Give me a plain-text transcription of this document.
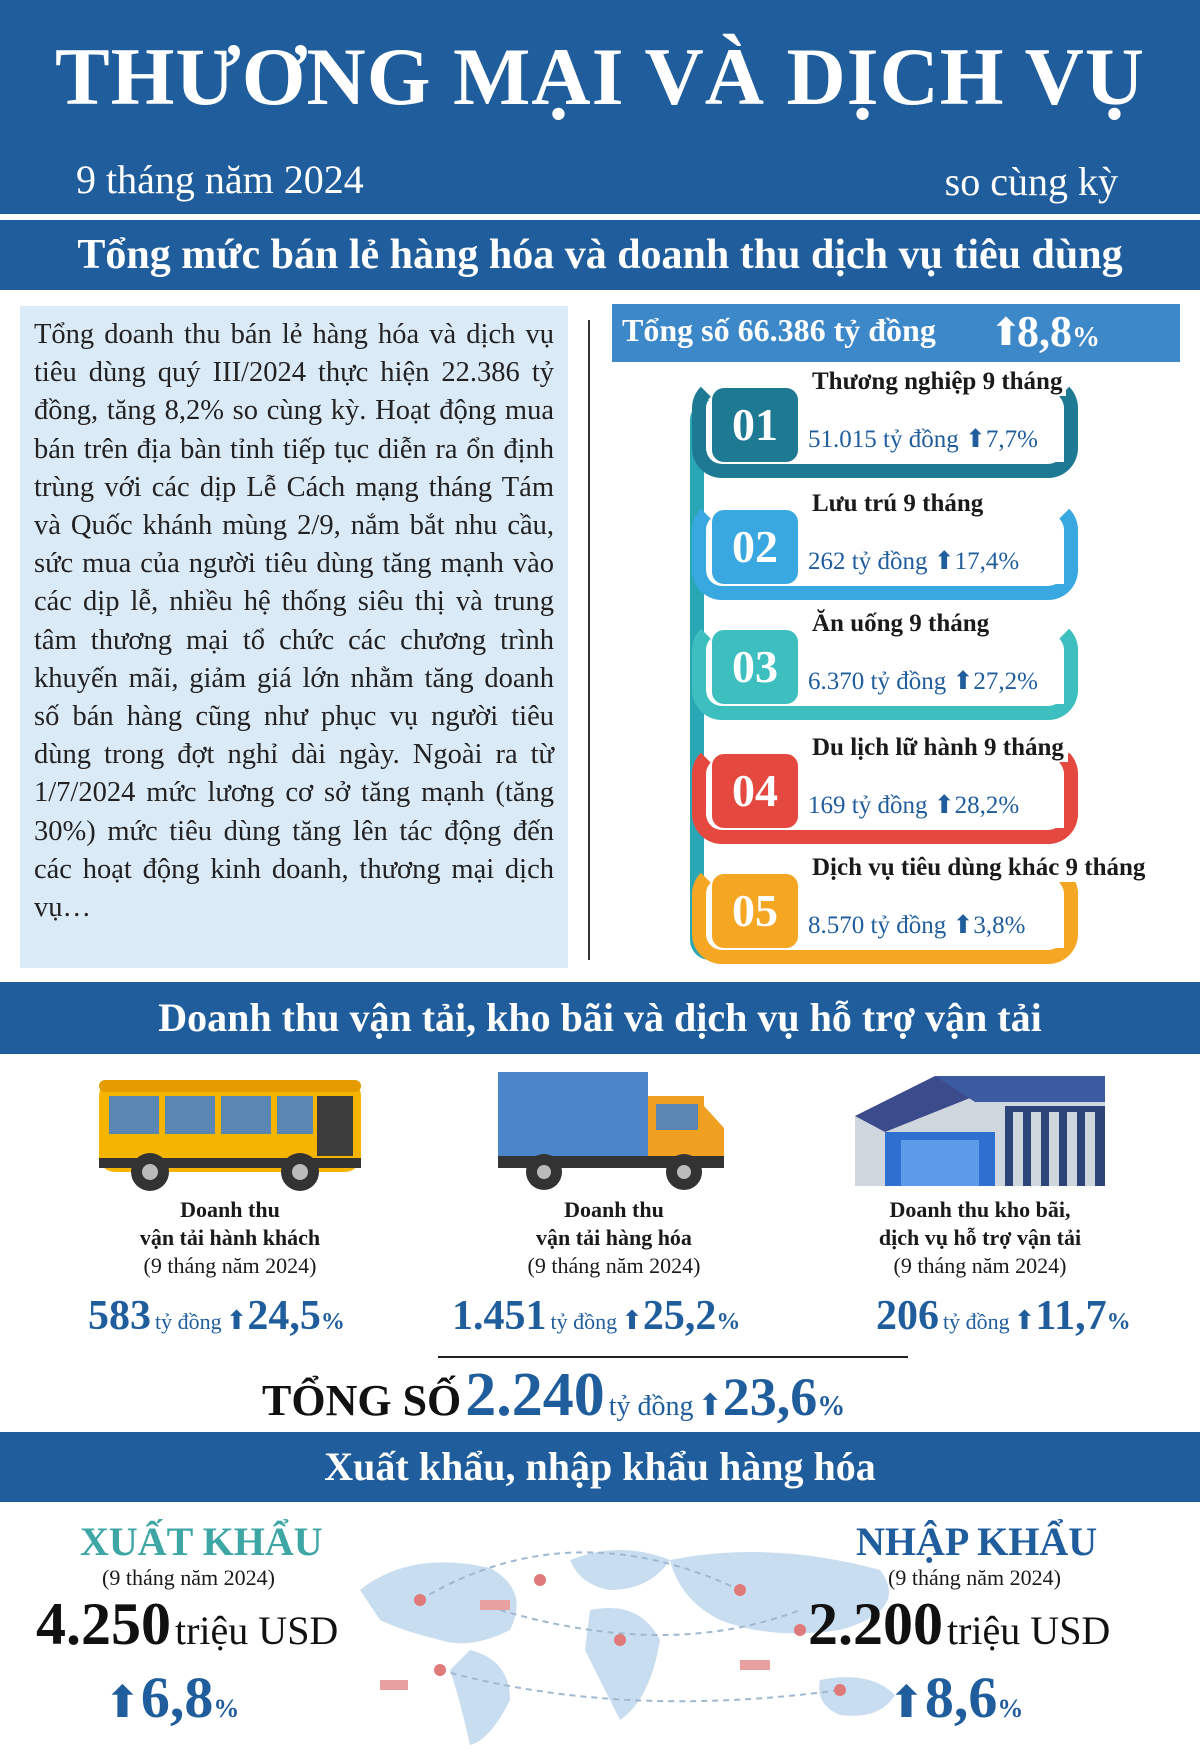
THƯƠNG MẠI VÀ DỊCH VỤ
9 tháng năm 2024	so cùng kỳ
Tổng mức bán lẻ hàng hóa và doanh thu dịch vụ tiêu dùng
Tổng doanh thu bán lẻ hàng hóa và dịch vụ tiêu dùng quý III/2024 thực hiện 22.386 tỷ đồng, tăng 8,2% so cùng kỳ. Hoạt động mua bán trên địa bàn tỉnh tiếp tục diễn ra ổn định trùng với các dịp Lễ Cách mạng tháng Tám và Quốc khánh mùng 2/9, nắm bắt nhu cầu, sức mua của người tiêu dùng tăng mạnh vào các dịp lễ, nhiều hệ thống siêu thị và trung tâm thương mại tổ chức các chương trình khuyến mãi, giảm giá lớn nhằm tăng doanh số bán hàng cũng như phục vụ người tiêu dùng trong đợt nghỉ dài ngày. Ngoài ra từ 1/7/2024 mức lương cơ sở tăng mạnh (tăng 30%) mức tiêu dùng tăng lên tác động đến các hoạt động kinh doanh, thương mại dịch vụ…
Tổng số 66.386 tỷ đồng ⬆
8,8%
01
Thương nghiệp 9 tháng
51.015 tỷ đồng ⬆7,7%
02
Lưu trú 9 tháng
262 tỷ đồng ⬆17,4%
03
Ăn uống 9 tháng
6.370 tỷ đồng ⬆27,2%
04
Du lịch lữ hành 9 tháng
169 tỷ đồng ⬆28,2%
05
Dịch vụ tiêu dùng khác 9 tháng
8.570 tỷ đồng ⬆3,8%
Doanh thu vận tải, kho bãi và dịch vụ hỗ trợ vận tải
Doanh thu
vận tải hành khách
(9 tháng năm 2024)
Doanh thu
vận tải hàng hóa
(9 tháng năm 2024)
Doanh thu kho bãi,
dịch vụ hỗ trợ vận tải
(9 tháng năm 2024)
583 tỷ đồng ⬆24,5%	1.451 tỷ đồng ⬆25,2%	206 tỷ đồng ⬆11,7%
TỔNG SỐ 2.240 tỷ đồng ⬆23,6%
Xuất khẩu, nhập khẩu hàng hóa
XUẤT KHẨU
(9 tháng năm 2024)
4.250 triệu USD
⬆6,8%
NHẬP KHẨU
(9 tháng năm 2024)
2.200 triệu USD
⬆8,6%
